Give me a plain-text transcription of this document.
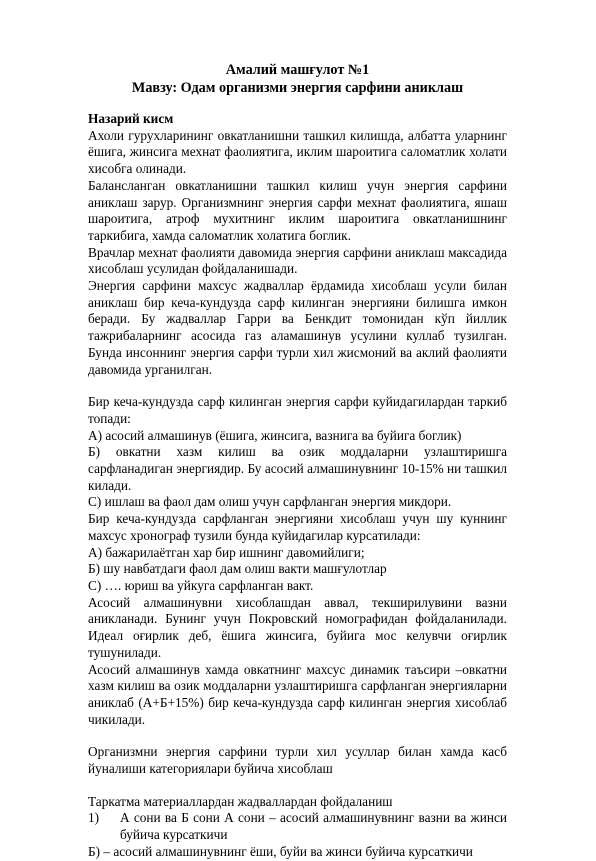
Амалий машғулот №1
Мавзу: Одам организми энергия сарфини аниклаш
Назарий кисм

Ахоли гурухларининг овкатланишни ташкил килишда, албатта уларнинг ёшига, жинсига мехнат фаолиятига, иклим шароитига саломатлик холати хисобга олинади.

Балансланган овкатланишни ташкил килиш учун энергия сарфини аниклаш зарур. Организмнинг энергия сарфи мехнат фаолиятига, яшаш шароитига, атроф мухитнинг иклим шароитига овкатланишнинг таркибига, хамда саломатлик холатига боглик.

Врачлар мехнат фаолияти давомида энергия сарфини аниклаш максадида хисоблаш усулидан фойдаланишади.

Энергия сарфини махсус жадваллар ёрдамида хисоблаш усули билан аниклаш бир кеча-кундузда сарф килинган энергияни билишга имкон беради. Бу жадваллар Гарри ва Бенкдит томонидан кўп йиллик тажрибаларнинг асосида газ аламашинув усулини куллаб тузилган. Бунда инсоннинг энергия сарфи турли хил жисмоний ва аклий фаолияти давомида урганилган.

Бир кеча-кундузда сарф килинган энергия сарфи куйидагилардан таркиб топади:

А) асосий алмашинув (ёшига, жинсига, вазнига ва буйига боглик)

Б) овкатни хазм килиш ва озик моддаларни узлаштиришга сарфланадиган энергиядир. Бу асосий алмашинувнинг 10-15% ни ташкил килади.

С) ишлаш ва фаол дам олиш учун сарфланган энергия микдори.

Бир кеча-кундузда сарфланган энергияни хисоблаш учун шу куннинг махсус хронограф тузили бунда куйидагилар курсатилади:

А) бажарилаётган хар бир ишнинг давомийлиги;

Б) шу навбатдаги фаол дам олиш вакти машғулотлар

С) …. юриш ва уйкуга сарфланган вакт.

Асосий алмашинувни хисоблашдан аввал, текширилувини вазни аникланади. Бунинг учун Покровский номографидан фойдаланилади. Идеал оғирлик деб, ёшига жинсига, буйига мос келувчи оғирлик тушунилади.

Асосий алмашинув хамда овкатнинг махсус динамик таъсири –овкатни хазм килиш ва озик моддаларни узлаштиришга сарфланган энергияларни аниклаб (А+Б+15%) бир кеча-кундузда сарф килинган энергия хисоблаб чикилади.

Организмни энергия сарфини турли хил усуллар билан хамда касб йуналиши категориялари буйича хисоблаш

Таркатма материаллардан жадваллардан фойдаланиш

1)	А сони ва Б сони А сони – асосий алмашинувнинг вазни ва жинси буйича курсаткичи

Б) – асосий алмашинувнинг ёши, буйи ва жинси буйича курсаткичи
